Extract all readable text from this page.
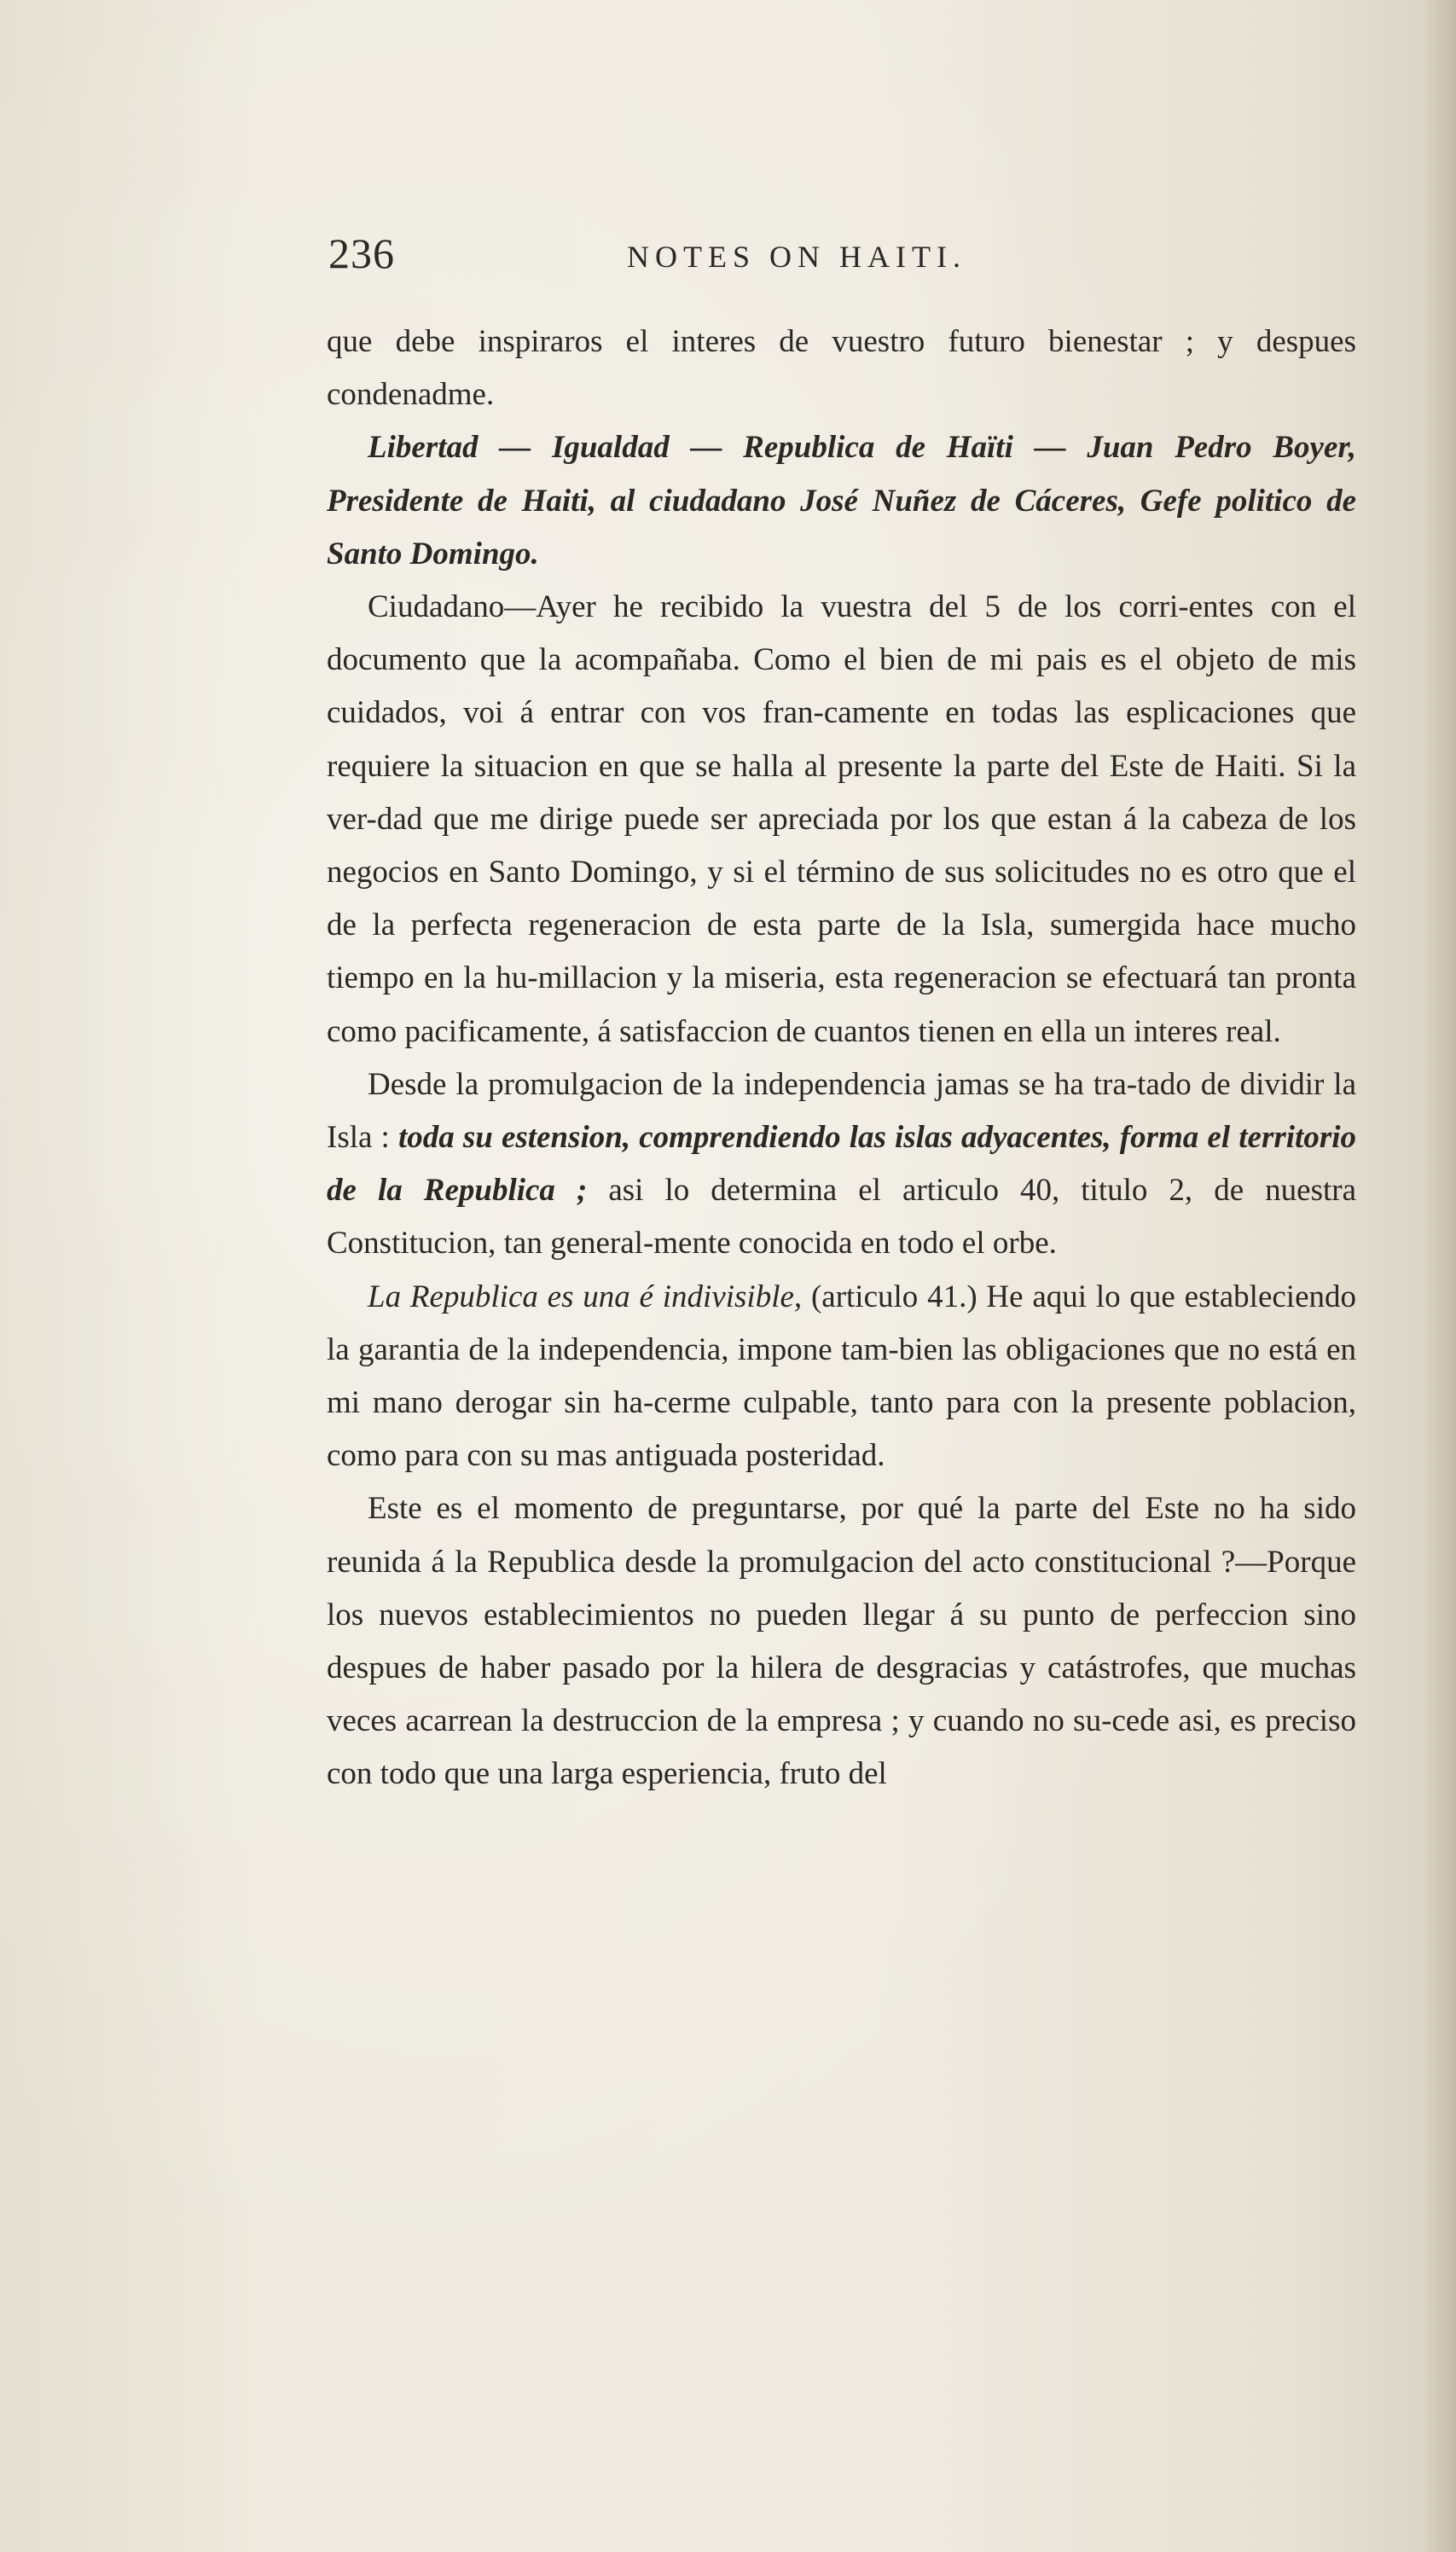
236	NOTES ON HAITI.

que debe inspiraros el interes de vuestro futuro bienestar ; y despues condenadme.

Libertad — Igualdad — Republica de Haïti — Juan Pedro Boyer, Presidente de Haiti, al ciudadano José Nuñez de Cáceres, Gefe politico de Santo Domingo.

Ciudadano—Ayer he recibido la vuestra del 5 de los corri-entes con el documento que la acompañaba. Como el bien de mi pais es el objeto de mis cuidados, voi á entrar con vos fran-camente en todas las esplicaciones que requiere la situacion en que se halla al presente la parte del Este de Haiti. Si la ver-dad que me dirige puede ser apreciada por los que estan á la cabeza de los negocios en Santo Domingo, y si el término de sus solicitudes no es otro que el de la perfecta regeneracion de esta parte de la Isla, sumergida hace mucho tiempo en la hu-millacion y la miseria, esta regeneracion se efectuará tan pronta como pacificamente, á satisfaccion de cuantos tienen en ella un interes real.

Desde la promulgacion de la independencia jamas se ha tra-tado de dividir la Isla : toda su estension, comprendiendo las islas adyacentes, forma el territorio de la Republica ; asi lo determina el articulo 40, titulo 2, de nuestra Constitucion, tan general-mente conocida en todo el orbe.

La Republica es una é indivisible, (articulo 41.) He aqui lo que estableciendo la garantia de la independencia, impone tam-bien las obligaciones que no está en mi mano derogar sin ha-cerme culpable, tanto para con la presente poblacion, como para con su mas antiguada posteridad.

Este es el momento de preguntarse, por qué la parte del Este no ha sido reunida á la Republica desde la promulgacion del acto constitucional ?—Porque los nuevos establecimientos no pueden llegar á su punto de perfeccion sino despues de haber pasado por la hilera de desgracias y catástrofes, que muchas veces acarrean la destruccion de la empresa ; y cuando no su-cede asi, es preciso con todo que una larga esperiencia, fruto del
